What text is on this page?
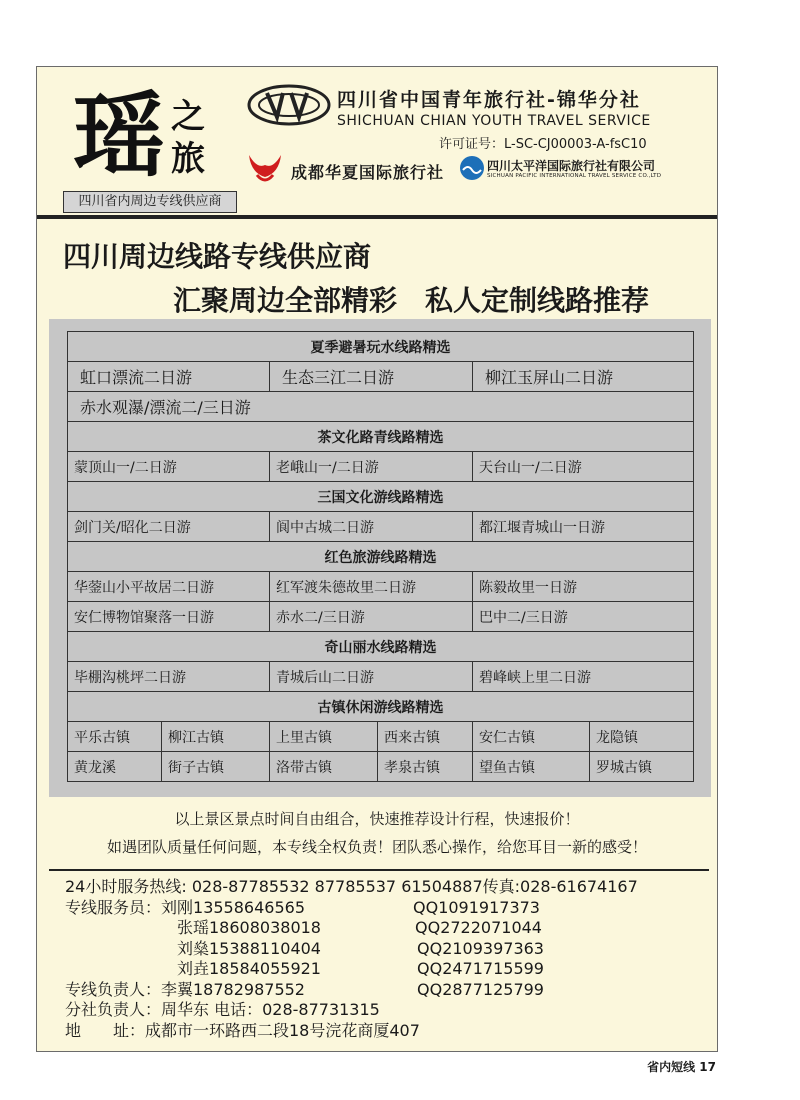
瑶 之
旅
四川省内周边专线供应商
四川省中国青年旅行社-锦华分社
SHICHUAN CHIAN YOUTH TRAVEL SERVICE
许可证号：L-SC-CJ00003-A-fsC10
成都华夏国际旅行社	四川太平洋国际旅行社有限公司
SICHUAN PACIFIC INTERNATIONAL TRAVEL SERVICE CO.,LTD
四川周边线路专线供应商
汇聚周边全部精彩　私人定制线路推荐
夏季避暑玩水线路精选					
虹口漂流二日游		生态三江二日游		柳江玉屏山二日游	
赤水观瀑/漂流二/三日游					
茶文化路青线路精选					
蒙顶山一/二日游		老峨山一/二日游		天台山一/二日游	
三国文化游线路精选					
剑门关/昭化二日游		阆中古城二日游		都江堰青城山一日游	
红色旅游线路精选					
华蓥山小平故居二日游		红军渡朱德故里二日游		陈毅故里一日游	
安仁博物馆聚落一日游		赤水二/三日游		巴中二/三日游	
奇山丽水线路精选					
毕棚沟桃坪二日游		青城后山二日游		碧峰峡上里二日游	
古镇休闲游线路精选					
平乐古镇	柳江古镇	上里古镇	西来古镇	安仁古镇	龙隐镇
黄龙溪	街子古镇	洛带古镇	孝泉古镇	望鱼古镇	罗城古镇
以上景区景点时间自由组合，快速推荐设计行程，快速报价！
如遇团队质量任何问题，本专线全权负责！团队悉心操作，给您耳目一新的感受！
24小时服务热线: 028-87785532 87785537 61504887传真:028-61674167
专线服务员：刘刚13558646565	QQ1091917373
张瑶18608038018	QQ2722071044
刘燊15388110404	QQ2109397363
刘垚18584055921	QQ2471715599
专线负责人：李翼18782987552	QQ2877125799
分社负责人：周华东 电话：028-87731315
地　　址：成都市一环路西二段18号浣花商厦407
省内短线 17
